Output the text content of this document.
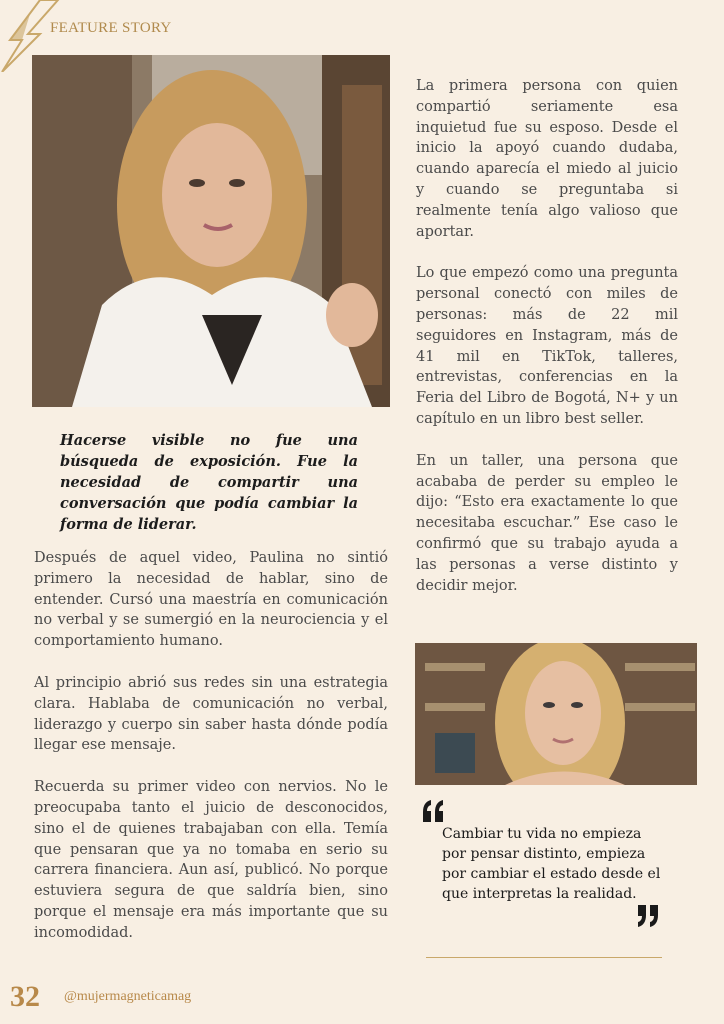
FEATURE STORY
Hacerse visible no fue una búsqueda de exposición. Fue la necesidad de compartir una conversación que podía cambiar la forma de liderar.

Después de aquel video, Paulina no sintió primero la necesidad de hablar, sino de entender. Cursó una maestría en comunicación no verbal y se sumergió en la neurociencia y el comportamiento humano.

Al principio abrió sus redes sin una estrategia clara. Hablaba de comunicación no verbal, liderazgo y cuerpo sin saber hasta dónde podía llegar ese mensaje.

Recuerda su primer video con nervios. No le preocupaba tanto el juicio de desconocidos, sino el de quienes trabajaban con ella. Temía que pensaran que ya no tomaba en serio su carrera financiera. Aun así, publicó. No porque estuviera segura de que saldría bien, sino porque el mensaje era más importante que su incomodidad.

La primera persona con quien compartió seriamente esa inquietud fue su esposo. Desde el inicio la apoyó cuando dudaba, cuando aparecía el miedo al juicio y cuando se preguntaba si realmente tenía algo valioso que aportar.

Lo que empezó como una pregunta personal conectó con miles de personas: más de 22 mil seguidores en Instagram, más de 41 mil en TikTok, talleres, entrevistas, conferencias en la Feria del Libro de Bogotá, N+ y un capítulo en un libro best seller.

En un taller, una persona que acababa de perder su empleo le dijo: “Esto era exactamente lo que necesitaba escuchar.” Ese caso le confirmó que su trabajo ayuda a las personas a verse distinto y decidir mejor.

Cambiar tu vida no empieza por pensar distinto, empieza por cambiar el estado desde el que interpretas la realidad.
32 @mujermagneticamag
